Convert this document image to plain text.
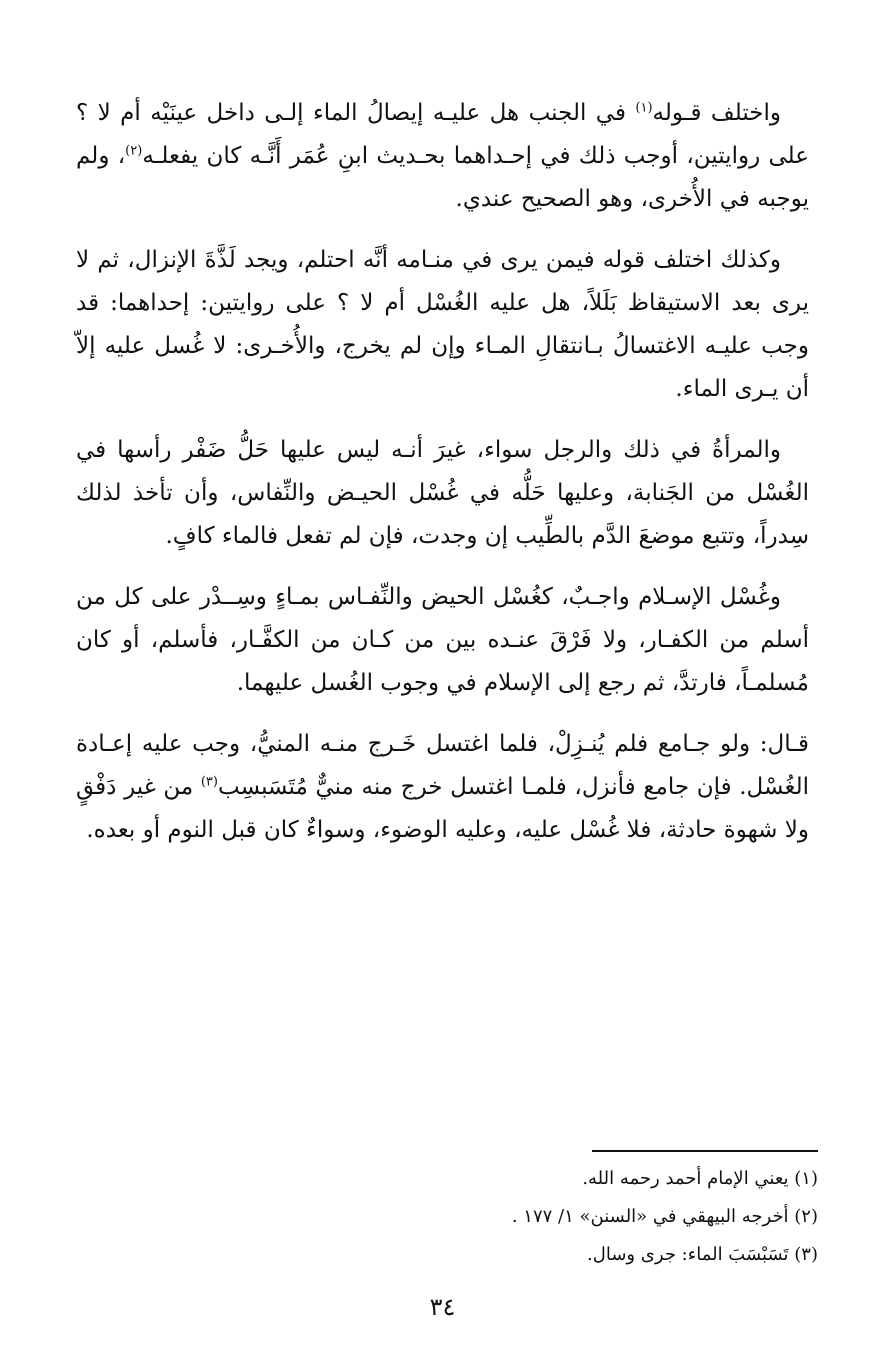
واختلف قـوله$^{(١)}$ في الجنب هل عليـه إيصالُ الماء إلـى داخل عينَيْه أم لا ؟ على روايتين، أوجب ذلك في إحـداهما بحـديث ابنِ عُمَر أَنَّـه كان يفعلـه$^{(٢)}$، ولم يوجبه في الأُخرى، وهو الصحيح عندي.

وكذلك اختلف قوله فيمن يرى في منـامه أنَّه احتلم، ويجد لَذَّةَ الإنزال، ثم لا يرى بعد الاستيقاظ بَلَلاً، هل عليه الغُسْل أم لا ؟ على روايتين: إحداهما: قد وجب عليـه الاغتسالُ بـانتقالِ المـاء وإن لم يخرج، والأُخـرى: لا غُسل عليه إلاّ أن يـرى الماء.

والمرأةُ في ذلك والرجل سواء، غيرَ أنـه ليس عليها حَلُّ ضَفْر رأسها في الغُسْل من الجَنابة، وعليها حَلُّه في غُسْل الحيـض والنِّفاس، وأن تأخذ لذلك سِدراً، وتتبع موضعَ الدَّم بالطِّيب إن وجدت، فإن لم تفعل فالماء كافٍ.

وغُسْل الإسـلام واجـبٌ، كغُسْل الحيض والنِّفـاس بمـاءٍ وسِــدْر على كل من أسلم من الكفـار، ولا فَرْقَ عنـده بين من كـان من الكفَّـار، فأسلم، أو كان مُسلمـاً، فارتدَّ، ثم رجع إلى الإسلام في وجوب الغُسل عليهما.

قـال: ولو جـامع فلم يُنـزِلْ، فلما اغتسل خَـرج منـه المنيُّ، وجب عليه إعـادة الغُسْل. فإن جامع فأنزل، فلمـا اغتسل خرج منه منيٌّ مُتَسَبسِب$^{(٣)}$ من غير دَفْقٍ ولا شهوة حادثة، فلا غُسْل عليه، وعليه الوضوء، وسواءٌ كان قبل النوم أو بعده.

(١) يعني الإمام أحمد رحمه الله.

(٢) أخرجه البيهقي في «السنن» ١/ ١٧٧ .

(٣) تَسَبْسَبَ الماء: جرى وسال.

٣٤
